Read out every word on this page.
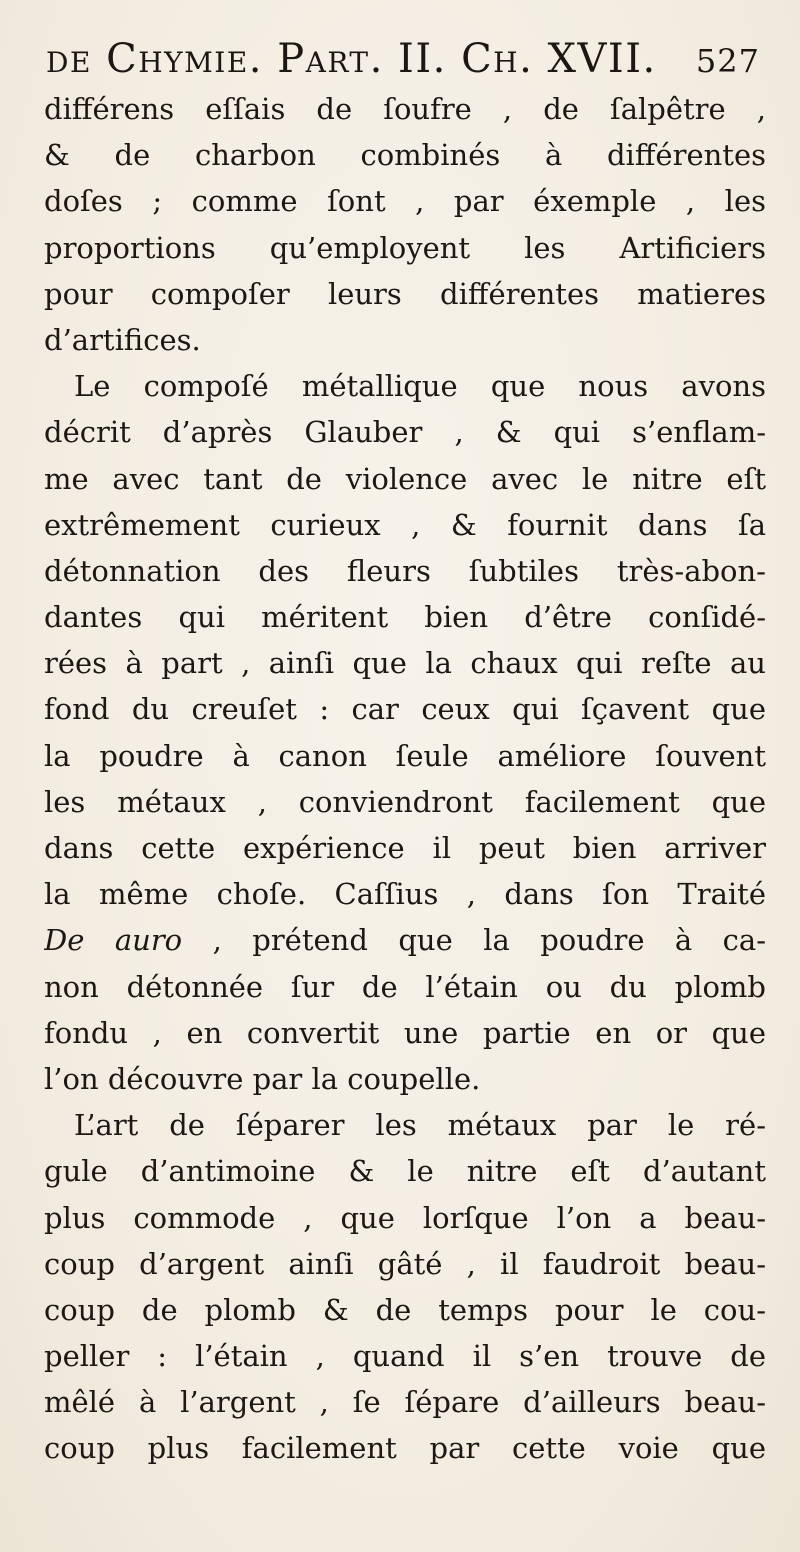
de Chymie. Part. II. Ch. XVII. 527
différens eſſais de ſoufre , de ſalpêtre ,
& de charbon combinés à différentes
doſes ; comme ſont , par éxemple , les
proportions qu’employent les Artificiers
pour compoſer leurs différentes matieres
d’artifices.
Le compoſé métallique que nous avons
décrit d’après Glauber , & qui s’enflam-
me avec tant de violence avec le nitre eſt
extrêmement curieux , & fournit dans ſa
détonnation des fleurs ſubtiles très-abon-
dantes qui méritent bien d’être conſidé-
rées à part , ainſi que la chaux qui reſte au
fond du creuſet : car ceux qui ſçavent que
la poudre à canon ſeule améliore ſouvent
les métaux , conviendront facilement que
dans cette expérience il peut bien arriver
la même choſe. Caſſius , dans ſon Traité
De auro , prétend que la poudre à ca-
non détonnée ſur de l’étain ou du plomb
fondu , en convertit une partie en or que
l’on découvre par la coupelle.
L’art de ſéparer les métaux par le ré-
gule d’antimoine & le nitre eſt d’autant
plus commode , que lorſque l’on a beau-
coup d’argent ainſi gâté , il faudroit beau-
coup de plomb & de temps pour le cou-
peller : l’étain , quand il s’en trouve de
mêlé à l’argent , ſe ſépare d’ailleurs beau-
coup plus facilement par cette voie que
